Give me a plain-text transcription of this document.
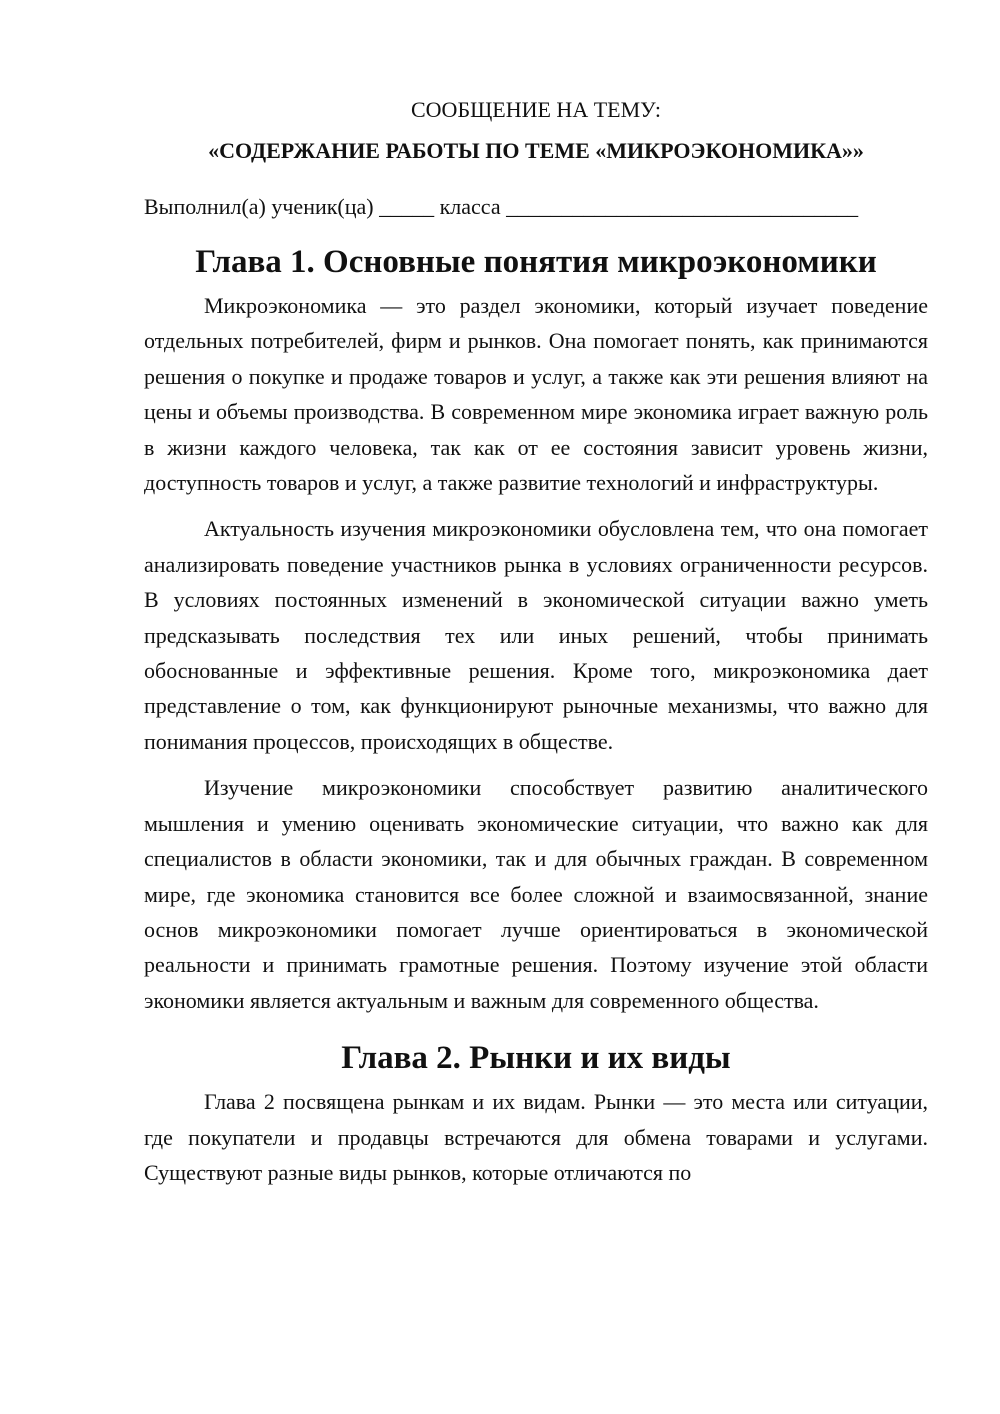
СООБЩЕНИЕ НА ТЕМУ:

«СОДЕРЖАНИЕ РАБОТЫ ПО ТЕМЕ «МИКРОЭКОНОМИКА»»

Выполнил(а) ученик(ца) _____ класса ________________________________

Глава 1. Основные понятия микроэкономики

Микроэкономика — это раздел экономики, который изучает поведение отдельных потребителей, фирм и рынков. Она помогает понять, как принимаются решения о покупке и продаже товаров и услуг, а также как эти решения влияют на цены и объемы производства. В современном мире экономика играет важную роль в жизни каждого человека, так как от ее состояния зависит уровень жизни, доступность товаров и услуг, а также развитие технологий и инфраструктуры.

Актуальность изучения микроэкономики обусловлена тем, что она помогает анализировать поведение участников рынка в условиях ограниченности ресурсов. В условиях постоянных изменений в экономической ситуации важно уметь предсказывать последствия тех или иных решений, чтобы принимать обоснованные и эффективные решения. Кроме того, микроэкономика дает представление о том, как функционируют рыночные механизмы, что важно для понимания процессов, происходящих в обществе.

Изучение микроэкономики способствует развитию аналитического мышления и умению оценивать экономические ситуации, что важно как для специалистов в области экономики, так и для обычных граждан. В современном мире, где экономика становится все более сложной и взаимосвязанной, знание основ микроэкономики помогает лучше ориентироваться в экономической реальности и принимать грамотные решения. Поэтому изучение этой области экономики является актуальным и важным для современного общества.

Глава 2. Рынки и их виды

Глава 2 посвящена рынкам и их видам. Рынки — это места или ситуации, где покупатели и продавцы встречаются для обмена товарами и услугами. Существуют разные виды рынков, которые отличаются по
